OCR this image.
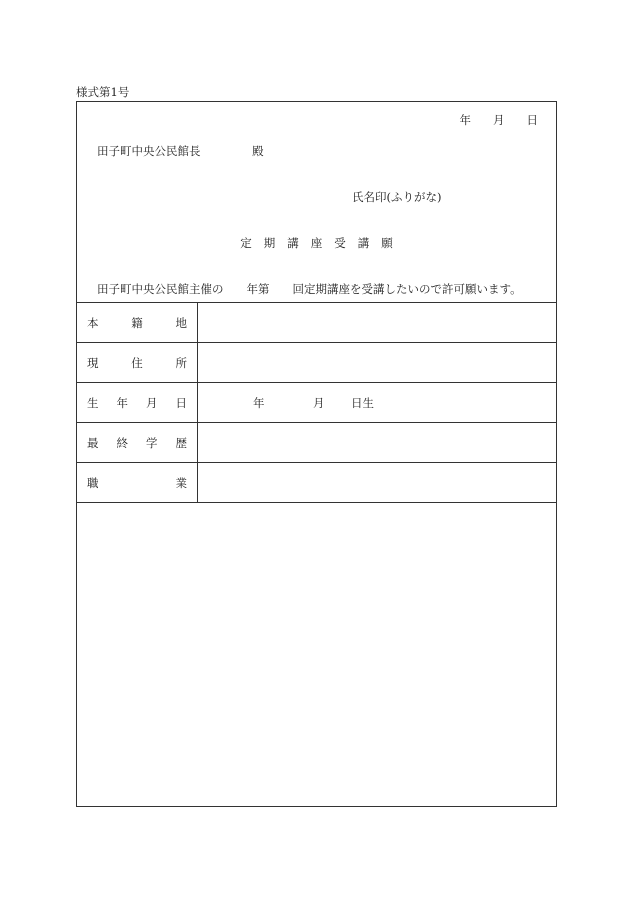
様式第1号
年 月 日
田子町中央公民館長	殿
氏名印(ふりがな)
定期講座受講願
田子町中央公民館主催の　　年第　　回定期講座を受講したいので許可願います。
本	籍	地
現	住	所
生 年 月 日	年	月	日生
最 終 学 歴
職	業
